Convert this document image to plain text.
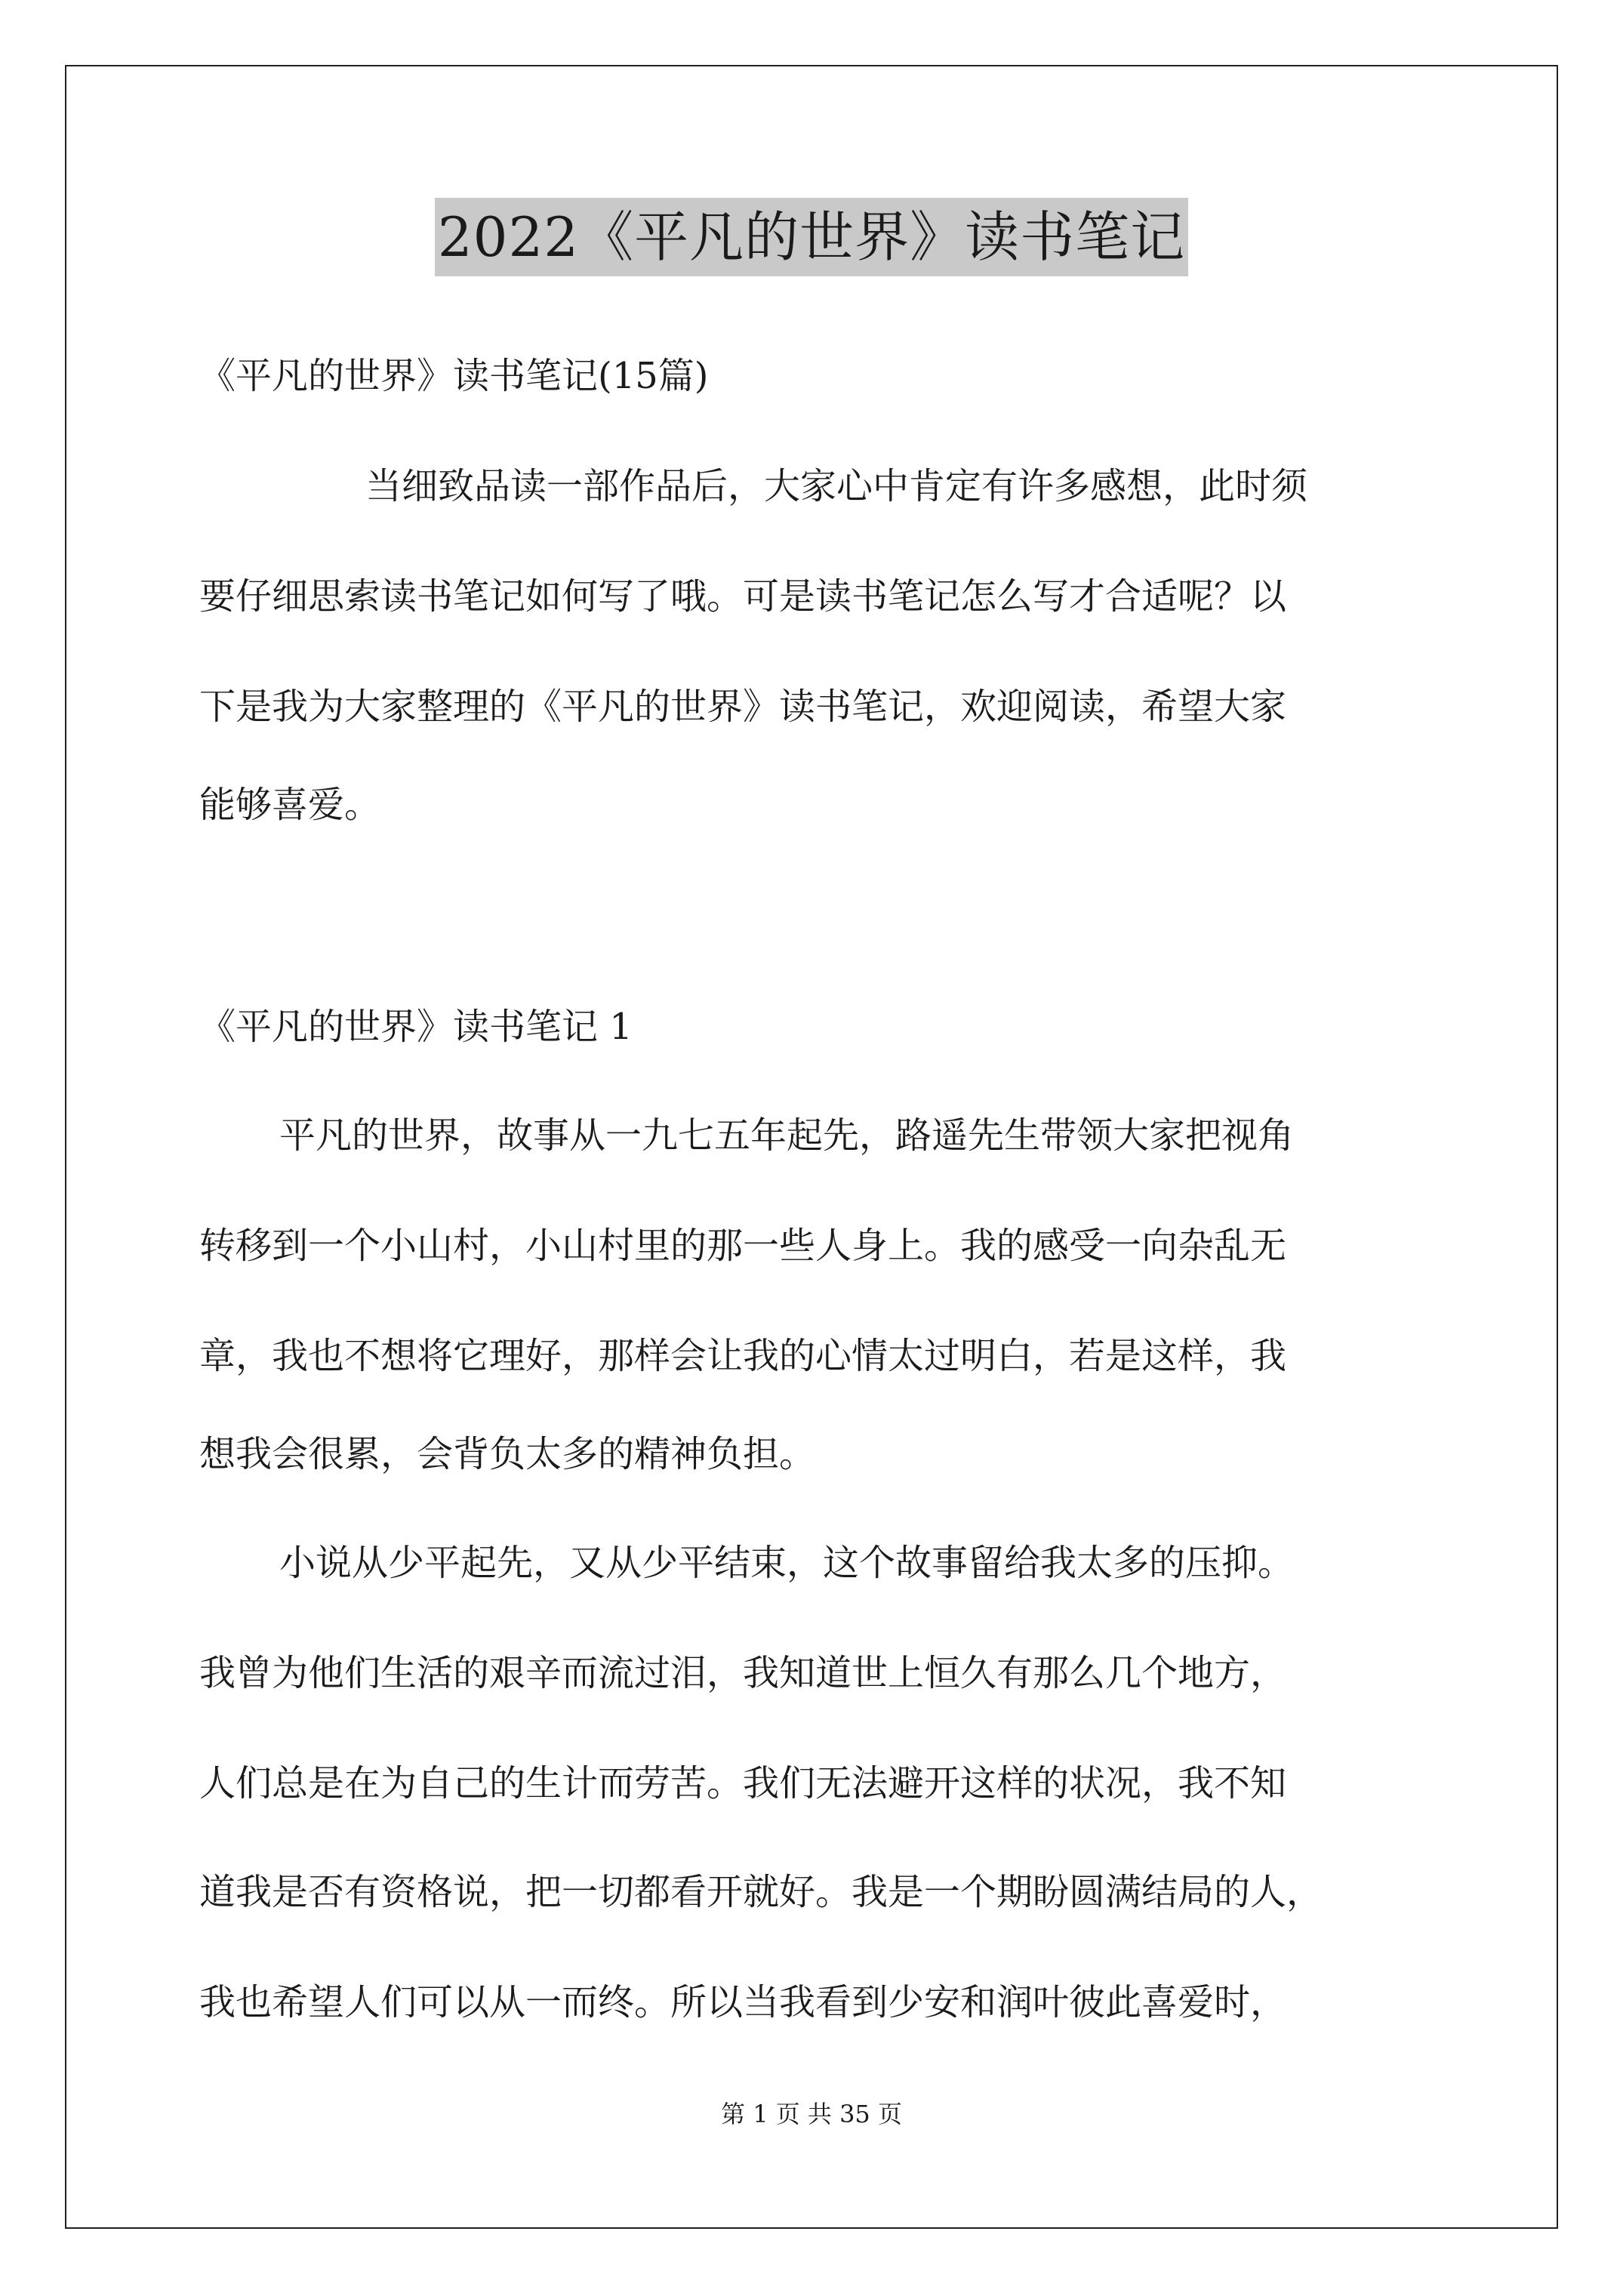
2022《平凡的世界》读书笔记
《平凡的世界》读书笔记(15篇)
当细致品读一部作品后，大家心中肯定有许多感想，此时须
要仔细思索读书笔记如何写了哦。可是读书笔记怎么写才合适呢？以
下是我为大家整理的《平凡的世界》读书笔记，欢迎阅读，希望大家
能够喜爱。
《平凡的世界》读书笔记 1
平凡的世界，故事从一九七五年起先，路遥先生带领大家把视角
转移到一个小山村，小山村里的那一些人身上。我的感受一向杂乱无
章，我也不想将它理好，那样会让我的心情太过明白，若是这样，我
想我会很累，会背负太多的精神负担。
小说从少平起先，又从少平结束，这个故事留给我太多的压抑。
我曾为他们生活的艰辛而流过泪，我知道世上恒久有那么几个地方，
人们总是在为自己的生计而劳苦。我们无法避开这样的状况，我不知
道我是否有资格说，把一切都看开就好。我是一个期盼圆满结局的人，
我也希望人们可以从一而终。所以当我看到少安和润叶彼此喜爱时，
第 1 页 共 35 页
